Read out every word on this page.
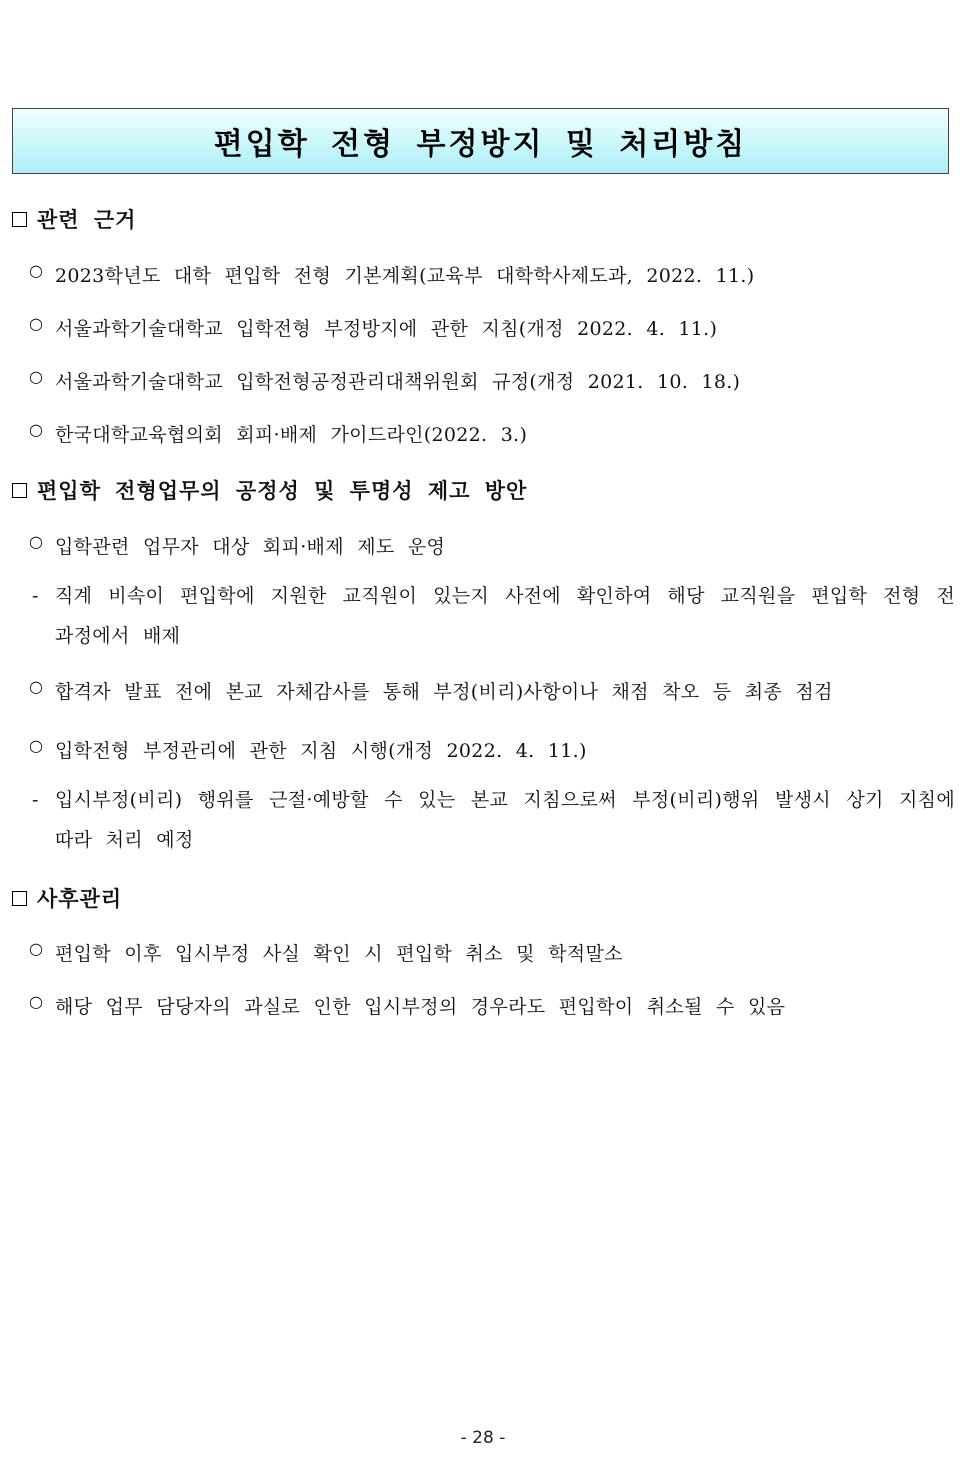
편입학 전형 부정방지 및 처리방침
관련 근거
○ 2023학년도 대학 편입학 전형 기본계획(교육부 대학학사제도과, 2022. 11.)
○ 서울과학기술대학교 입학전형 부정방지에 관한 지침(개정 2022. 4. 11.)
○ 서울과학기술대학교 입학전형공정관리대책위원회 규정(개정 2021. 10. 18.)
○ 한국대학교육협의회 회피·배제 가이드라인(2022. 3.)
편입학 전형업무의 공정성 및 투명성 제고 방안
○ 입학관련 업무자 대상 회피·배제 제도 운영
- 직계 비속이 편입학에 지원한 교직원이 있는지 사전에 확인하여 해당 교직원을 편입학 전형 전 과정에서 배제
○ 합격자 발표 전에 본교 자체감사를 통해 부정(비리)사항이나 채점 착오 등 최종 점검
○ 입학전형 부정관리에 관한 지침 시행(개정 2022. 4. 11.)
- 입시부정(비리) 행위를 근절·예방할 수 있는 본교 지침으로써 부정(비리)행위 발생시 상기 지침에 따라 처리 예정
사후관리
○ 편입학 이후 입시부정 사실 확인 시 편입학 취소 및 학적말소
○ 해당 업무 담당자의 과실로 인한 입시부정의 경우라도 편입학이 취소될 수 있음
- 28 -
